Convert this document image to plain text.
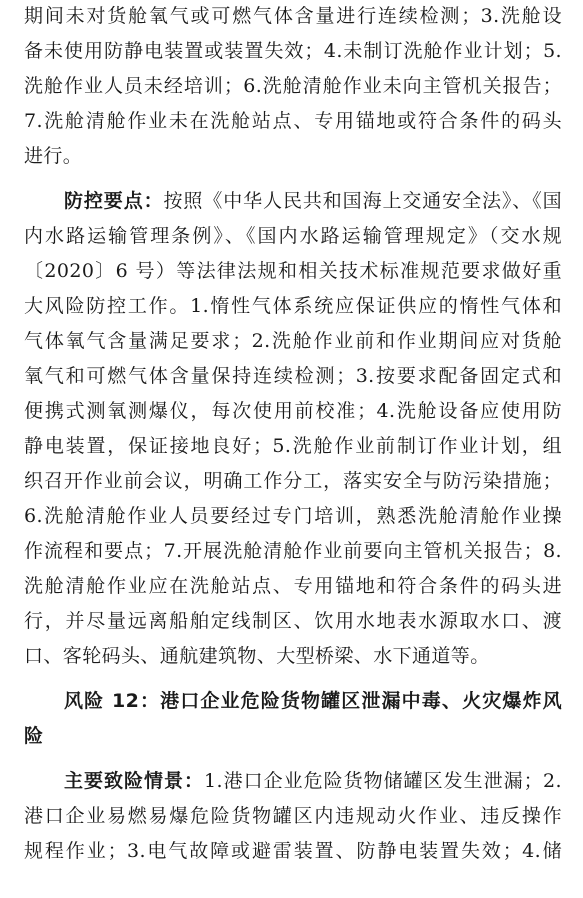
期间未对货舱氧气或可燃气体含量进行连续检测；3.洗舱设
备未使用防静电装置或装置失效；4.未制订洗舱作业计划；5.
洗舱作业人员未经培训；6.洗舱清舱作业未向主管机关报告；
7.洗舱清舱作业未在洗舱站点、专用锚地或符合条件的码头
进行。
防控要点：按照《中华人民共和国海上交通安全法》、《国
内水路运输管理条例》、《国内水路运输管理规定》（交水规
〔2020〕6 号）等法律法规和相关技术标准规范要求做好重
大风险防控工作。1.惰性气体系统应保证供应的惰性气体和
气体氧气含量满足要求；2.洗舱作业前和作业期间应对货舱
氧气和可燃气体含量保持连续检测；3.按要求配备固定式和
便携式测氧测爆仪，每次使用前校准；4.洗舱设备应使用防
静电装置，保证接地良好；5.洗舱作业前制订作业计划，组
织召开作业前会议，明确工作分工，落实安全与防污染措施；
6.洗舱清舱作业人员要经过专门培训，熟悉洗舱清舱作业操
作流程和要点；7.开展洗舱清舱作业前要向主管机关报告；8.
洗舱清舱作业应在洗舱站点、专用锚地和符合条件的码头进
行，并尽量远离船舶定线制区、饮用水地表水源取水口、渡
口、客轮码头、通航建筑物、大型桥梁、水下通道等。
风险 12：港口企业危险货物罐区泄漏中毒、火灾爆炸风
险
主要致险情景：1.港口企业危险货物储罐区发生泄漏；2.
港口企业易燃易爆危险货物罐区内违规动火作业、违反操作
规程作业；3.电气故障或避雷装置、防静电装置失效；4.储
